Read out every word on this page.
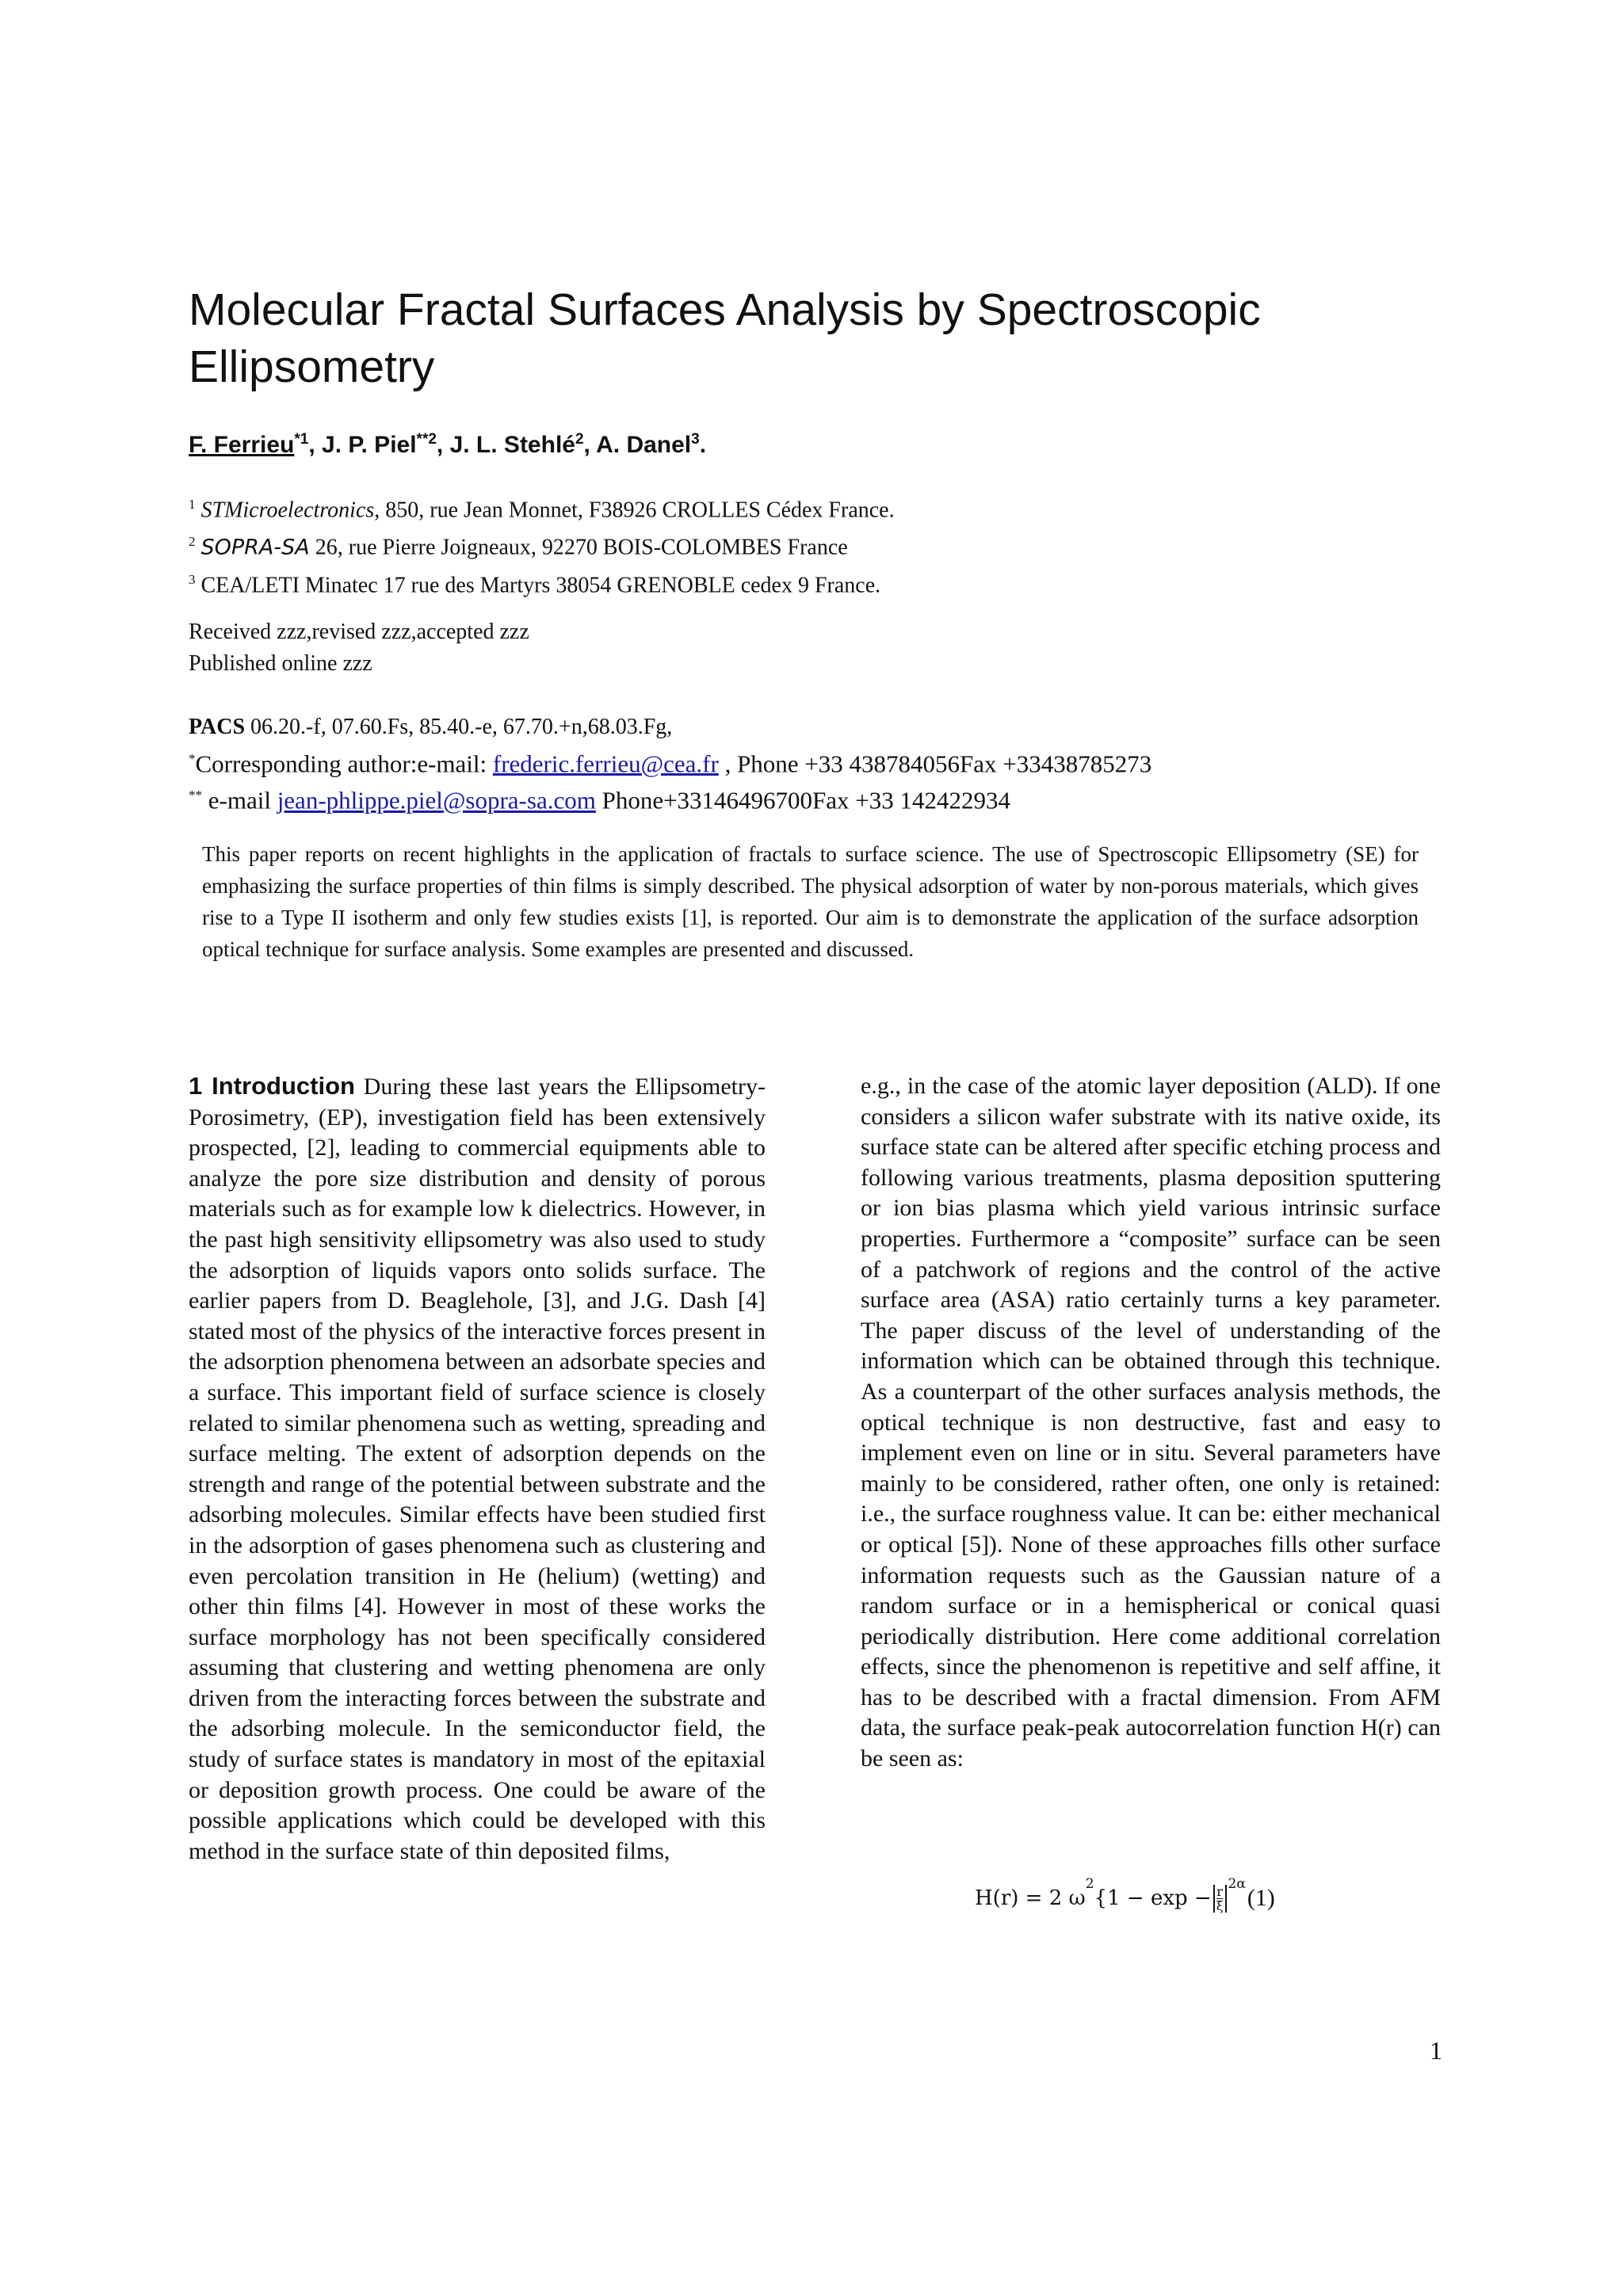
Molecular Fractal Surfaces Analysis by Spectroscopic Ellipsometry
F. Ferrieu$^{*1}$, J. P. Piel$^{**2}$, J. L. Stehlé$^2$, A. Danel$^3$.
$^1$ STMicroelectronics, 850, rue Jean Monnet, F38926 CROLLES Cédex France.
$^2$ SOPRA-SA 26, rue Pierre Joigneaux, 92270 BOIS-COLOMBES France
$^3$ CEA/LETI Minatec 17 rue des Martyrs 38054 GRENOBLE cedex 9 France.
Received zzz,revised zzz,accepted zzz
Published online zzz
PACS 06.20.-f, 07.60.Fs, 85.40.-e, 67.70.+n,68.03.Fg,
*Corresponding author:e-mail: frederic.ferrieu@cea.fr , Phone +33 438784056Fax +33438785273
** e-mail jean-phlippe.piel@sopra-sa.com Phone+33146496700Fax +33 142422934

This paper reports on recent highlights in the application of fractals to surface science. The use of Spectroscopic Ellipsometry (SE) for emphasizing the surface properties of thin films is simply described. The physical adsorption of water by non-porous materials, which gives rise to a Type II isotherm and only few studies exists [1], is reported. Our aim is to demonstrate the application of the surface adsorption optical technique for surface analysis. Some examples are presented and discussed.

1 Introduction During these last years the Ellipsometry-Porosimetry, (EP), investigation field has been extensively prospected, [2], leading to commercial equipments able to analyze the pore size distribution and density of porous materials such as for example low k dielectrics. However, in the past high sensitivity ellipsometry was also used to study the adsorption of liquids vapors onto solids surface. The earlier papers from D. Beaglehole, [3], and J.G. Dash [4] stated most of the physics of the interactive forces present in the adsorption phenomena between an adsorbate species and a surface. This important field of surface science is closely related to similar phenomena such as wetting, spreading and surface melting. The extent of adsorption depends on the strength and range of the potential between substrate and the adsorbing molecules. Similar effects have been studied first in the adsorption of gases phenomena such as clustering and even percolation transition in He (helium) (wetting) and other thin films [4]. However in most of these works the surface morphology has not been specifically considered assuming that clustering and wetting phenomena are only driven from the interacting forces between the substrate and the adsorbing molecule. In the semiconductor field, the study of surface states is mandatory in most of the epitaxial or deposition growth process. One could be aware of the possible applications which could be developed with this method in the surface state of thin deposited films,

e.g., in the case of the atomic layer deposition (ALD). If one considers a silicon wafer substrate with its native oxide, its surface state can be altered after specific etching process and following various treatments, plasma deposition sputtering or ion bias plasma which yield various intrinsic surface properties. Furthermore a “composite” surface can be seen of a patchwork of regions and the control of the active surface area (ASA) ratio certainly turns a key parameter. The paper discuss of the level of understanding of the information which can be obtained through this technique. As a counterpart of the other surfaces analysis methods, the optical technique is non destructive, fast and easy to implement even on line or in situ. Several parameters have mainly to be considered, rather often, one only is retained: i.e., the surface roughness value. It can be: either mechanical or optical [5]). None of these approaches fills other surface information requests such as the Gaussian nature of a random surface or in a hemispherical or conical quasi periodically distribution. Here come additional correlation effects, since the phenomenon is repetitive and self affine, it has to be described with a fractal dimension. From AFM data, the surface peak-peak autocorrelation function H(r) can be seen as:

H(r) = 2 ω
2
{$1 - \exp - \frac{r}{\xi}$
2α
(1)
1
